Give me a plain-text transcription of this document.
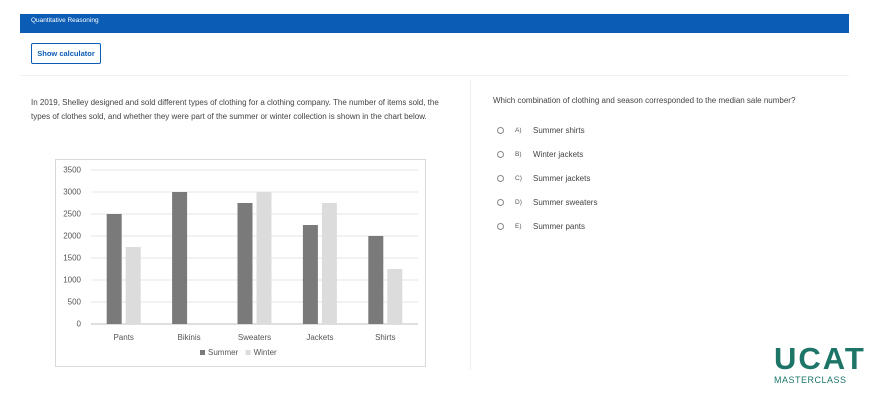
Quantitative Reasoning
Show calculator

In 2019, Shelley designed and sold different types of clothing for a clothing company. The number of items sold, the types of clothes sold, and whether they were part of the summer or winter collection is shown in the chart below.

0
500
1000
1500
2000
2500
3000
3500
Pants	Bikinis	Sweaters	Jackets	Shirts
Summer Winter

Which combination of clothing and season corresponded to the median sale number?

A)	Summer shirts
B)	Winter jackets
C)	Summer jackets
D)	Summer sweaters
E)	Summer pants
UCAT
MASTERCLASS
